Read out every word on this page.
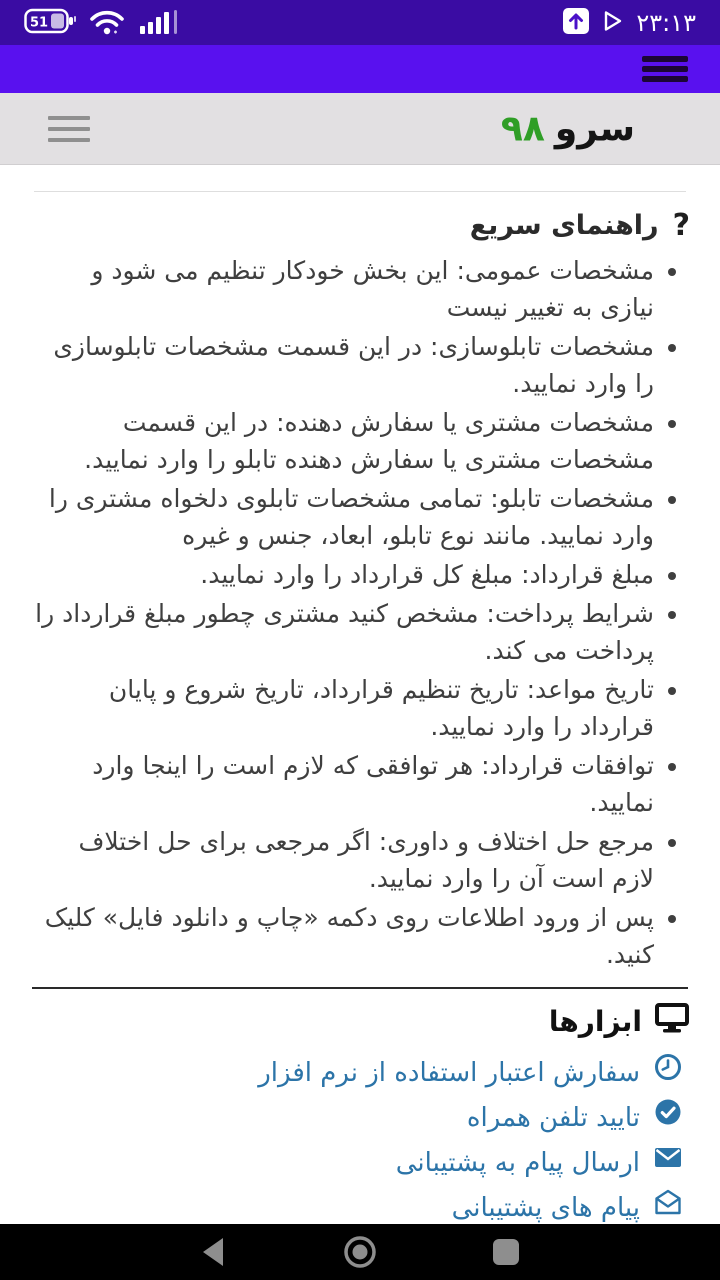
51	۲۳:۱۳
سرو
۹۸
?
راهنمای سریع
• مشخصات عمومی: این بخش خودکار تنظیم می شود و نیازی به تغییر نیست
• مشخصات تابلوسازی: در این قسمت مشخصات تابلوسازی را وارد نمایید.
• مشخصات مشتری یا سفارش دهنده: در این قسمت مشخصات مشتری یا سفارش دهنده تابلو را وارد نمایید.
• مشخصات تابلو: تمامی مشخصات تابلوی دلخواه مشتری را وارد نمایید. مانند نوع تابلو، ابعاد، جنس و غیره
• مبلغ قرارداد: مبلغ کل قرارداد را وارد نمایید.
• شرایط پرداخت: مشخص کنید مشتری چطور مبلغ قرارداد را پرداخت می کند.
• تاریخ مواعد: تاریخ تنظیم قرارداد، تاریخ شروع و پایان قرارداد را وارد نمایید.
• توافقات قرارداد: هر توافقی که لازم است را اینجا وارد نمایید.
• مرجع حل اختلاف و داوری: اگر مرجعی برای حل اختلاف لازم است آن را وارد نمایید.
• پس از ورود اطلاعات روی دکمه «چاپ و دانلود فایل» کلیک کنید.
ابزارها
سفارش اعتبار استفاده از نرم افزار
تایید تلفن همراه
ارسال پیام به پشتیبانی
پیام های پشتیبانی
